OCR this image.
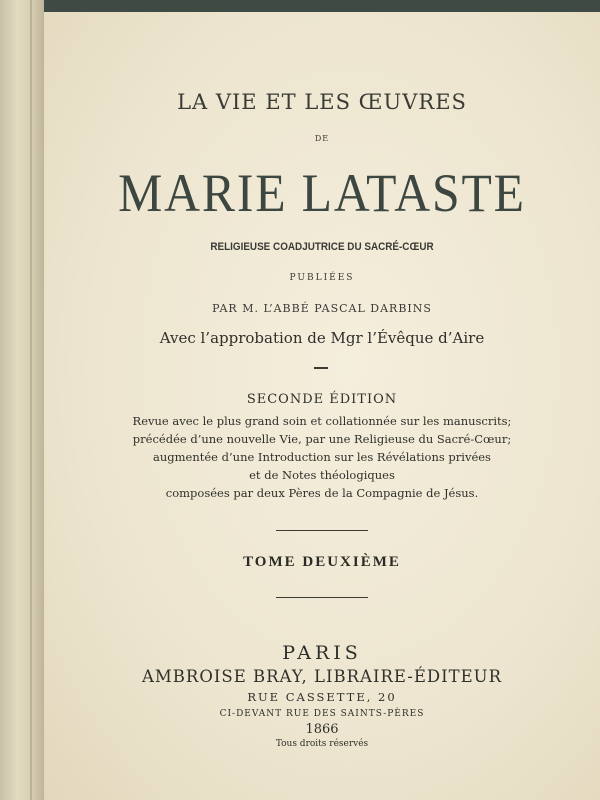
LA VIE ET LES ŒUVRES
DE
MARIE LATASTE
RELIGIEUSE COADJUTRICE DU SACRÉ-CŒUR
PUBLIÉES
PAR M. L’ABBÉ PASCAL DARBINS
Avec l’approbation de Mgr l’Évêque d’Aire
SECONDE ÉDITION
Revue avec le plus grand soin et collationnée sur les manuscrits;
précédée d’une nouvelle Vie, par une Religieuse du Sacré-Cœur;
augmentée d’une Introduction sur les Révélations privées
et de Notes théologiques
composées par deux Pères de la Compagnie de Jésus.
TOME DEUXIÈME
PARIS
AMBROISE BRAY, LIBRAIRE-ÉDITEUR
RUE CASSETTE, 20
CI-DEVANT RUE DES SAINTS-PÈRES
1866
Tous droits réservés
